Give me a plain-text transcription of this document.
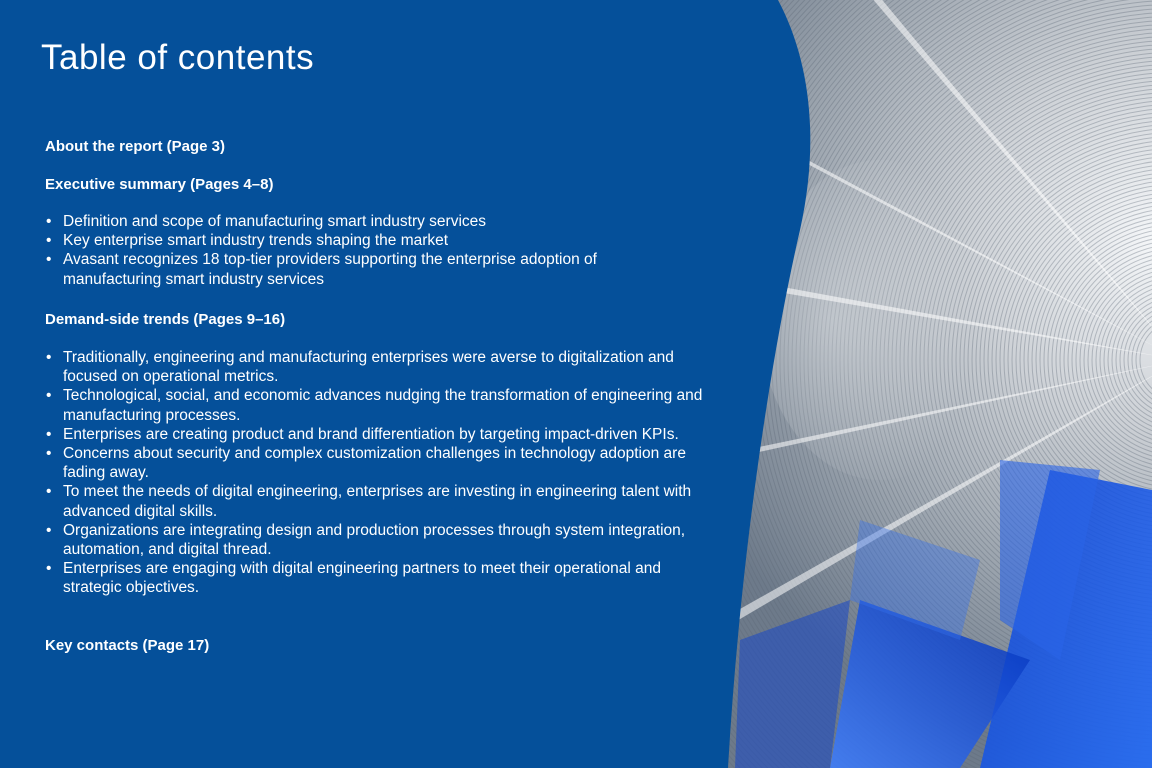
Table of contents

About the report (Page 3)

Executive summary (Pages 4–8)

• Definition and scope of manufacturing smart industry services
• Key enterprise smart industry trends shaping the market
• Avasant recognizes 18 top-tier providers supporting the enterprise adoption of manufacturing smart industry services

Demand-side trends (Pages 9–16)

• Traditionally, engineering and manufacturing enterprises were averse to digitalization and focused on operational metrics.
• Technological, social, and economic advances nudging the transformation of engineering and manufacturing processes.
• Enterprises are creating product and brand differentiation by targeting impact-driven KPIs.
• Concerns about security and complex customization challenges in technology adoption are fading away.
• To meet the needs of digital engineering, enterprises are investing in engineering talent with advanced digital skills.
• Organizations are integrating design and production processes through system integration, automation, and digital thread.
• Enterprises are engaging with digital engineering partners to meet their operational and strategic objectives.

Key contacts (Page 17)
